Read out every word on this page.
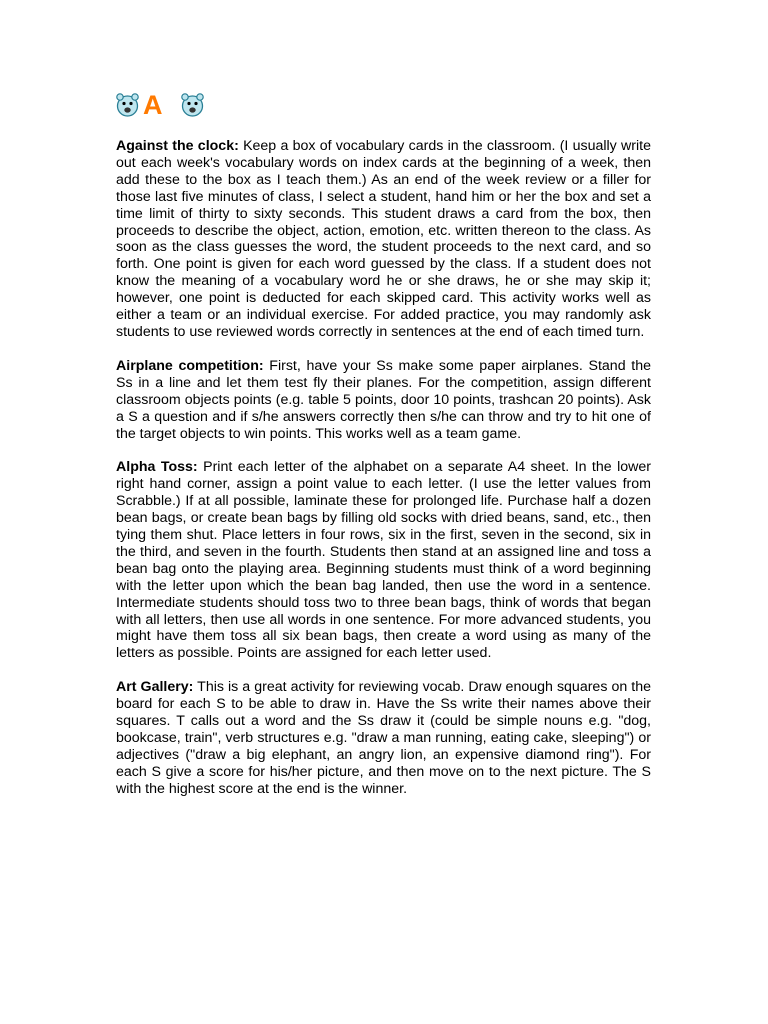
A

Against the clock: Keep a box of vocabulary cards in the classroom. (I usually write out each week's vocabulary words on index cards at the beginning of a week, then add these to the box as I teach them.) As an end of the week review or a filler for those last five minutes of class, I select a student, hand him or her the box and set a time limit of thirty to sixty seconds. This student draws a card from the box, then proceeds to describe the object, action, emotion, etc. written thereon to the class. As soon as the class guesses the word, the student proceeds to the next card, and so forth. One point is given for each word guessed by the class. If a student does not know the meaning of a vocabulary word he or she draws, he or she may skip it; however, one point is deducted for each skipped card. This activity works well as either a team or an individual exercise. For added practice, you may randomly ask students to use reviewed words correctly in sentences at the end of each timed turn.

Airplane competition: First, have your Ss make some paper airplanes. Stand the Ss in a line and let them test fly their planes. For the competition, assign different classroom objects points (e.g. table 5 points, door 10 points, trashcan 20 points). Ask a S a question and if s/he answers correctly then s/he can throw and try to hit one of the target objects to win points. This works well as a team game.

Alpha Toss: Print each letter of the alphabet on a separate A4 sheet. In the lower right hand corner, assign a point value to each letter. (I use the letter values from Scrabble.) If at all possible, laminate these for prolonged life. Purchase half a dozen bean bags, or create bean bags by filling old socks with dried beans, sand, etc., then tying them shut. Place letters in four rows, six in the first, seven in the second, six in the third, and seven in the fourth. Students then stand at an assigned line and toss a bean bag onto the playing area. Beginning students must think of a word beginning with the letter upon which the bean bag landed, then use the word in a sentence. Intermediate students should toss two to three bean bags, think of words that began with all letters, then use all words in one sentence. For more advanced students, you might have them toss all six bean bags, then create a word using as many of the letters as possible. Points are assigned for each letter used.

Art Gallery: This is a great activity for reviewing vocab. Draw enough squares on the board for each S to be able to draw in. Have the Ss write their names above their squares. T calls out a word and the Ss draw it (could be simple nouns e.g. "dog, bookcase, train", verb structures e.g. "draw a man running, eating cake, sleeping") or adjectives ("draw a big elephant, an angry lion, an expensive diamond ring"). For each S give a score for his/her picture, and then move on to the next picture. The S with the highest score at the end is the winner.
